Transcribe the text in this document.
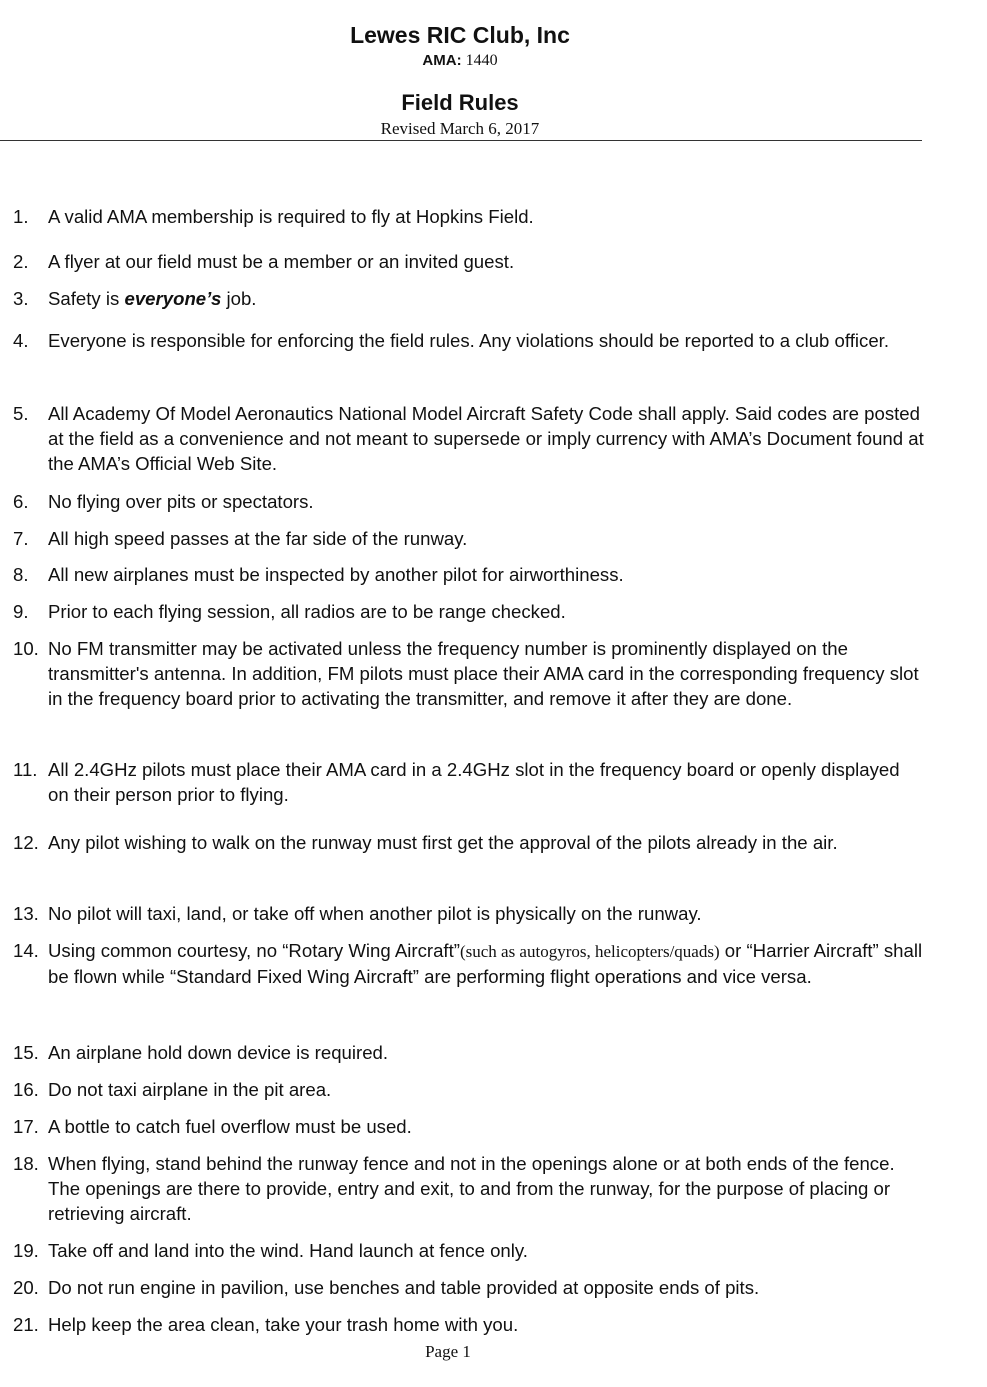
Lewes RIC Club, Inc
AMA: 1440
Field Rules
Revised March 6, 2017
1.	A valid AMA membership is required to fly at Hopkins Field.
2.	A flyer at our field must be a member or an invited guest.
3.	Safety is everyone’s job.
4.	Everyone is responsible for enforcing the field rules. Any violations should be reported to a club officer.
5.	All Academy Of Model Aeronautics National Model Aircraft Safety Code shall apply. Said codes are posted at the field as a convenience and not meant to supersede or imply currency with AMA’s Document found at the AMA’s Official Web Site.
6.	No flying over pits or spectators.
7.	All high speed passes at the far side of the runway.
8.	All new airplanes must be inspected by another pilot for airworthiness.
9.	Prior to each flying session, all radios are to be range checked.
10. No FM transmitter may be activated unless the frequency number is prominently displayed on the transmitter's antenna. In addition, FM pilots must place their AMA card in the corresponding frequency slot in the frequency board prior to activating the transmitter, and remove it after they are done.
11. All 2.4GHz pilots must place their AMA card in a 2.4GHz slot in the frequency board or openly displayed on their person prior to flying.
12. Any pilot wishing to walk on the runway must first get the approval of the pilots already in the air.
13. No pilot will taxi, land, or take off when another pilot is physically on the runway.
14. Using common courtesy, no “Rotary Wing Aircraft”(such as autogyros, helicopters/quads) or “Harrier Aircraft” shall be flown while “Standard Fixed Wing Aircraft” are performing flight operations and vice versa.
15. An airplane hold down device is required.
16. Do not taxi airplane in the pit area.
17. A bottle to catch fuel overflow must be used.
18. When flying, stand behind the runway fence and not in the openings alone or at both ends of the fence. The openings are there to provide, entry and exit, to and from the runway, for the purpose of placing or retrieving aircraft.
19. Take off and land into the wind. Hand launch at fence only.
20. Do not run engine in pavilion, use benches and table provided at opposite ends of pits.
21. Help keep the area clean, take your trash home with you.
Page 1
